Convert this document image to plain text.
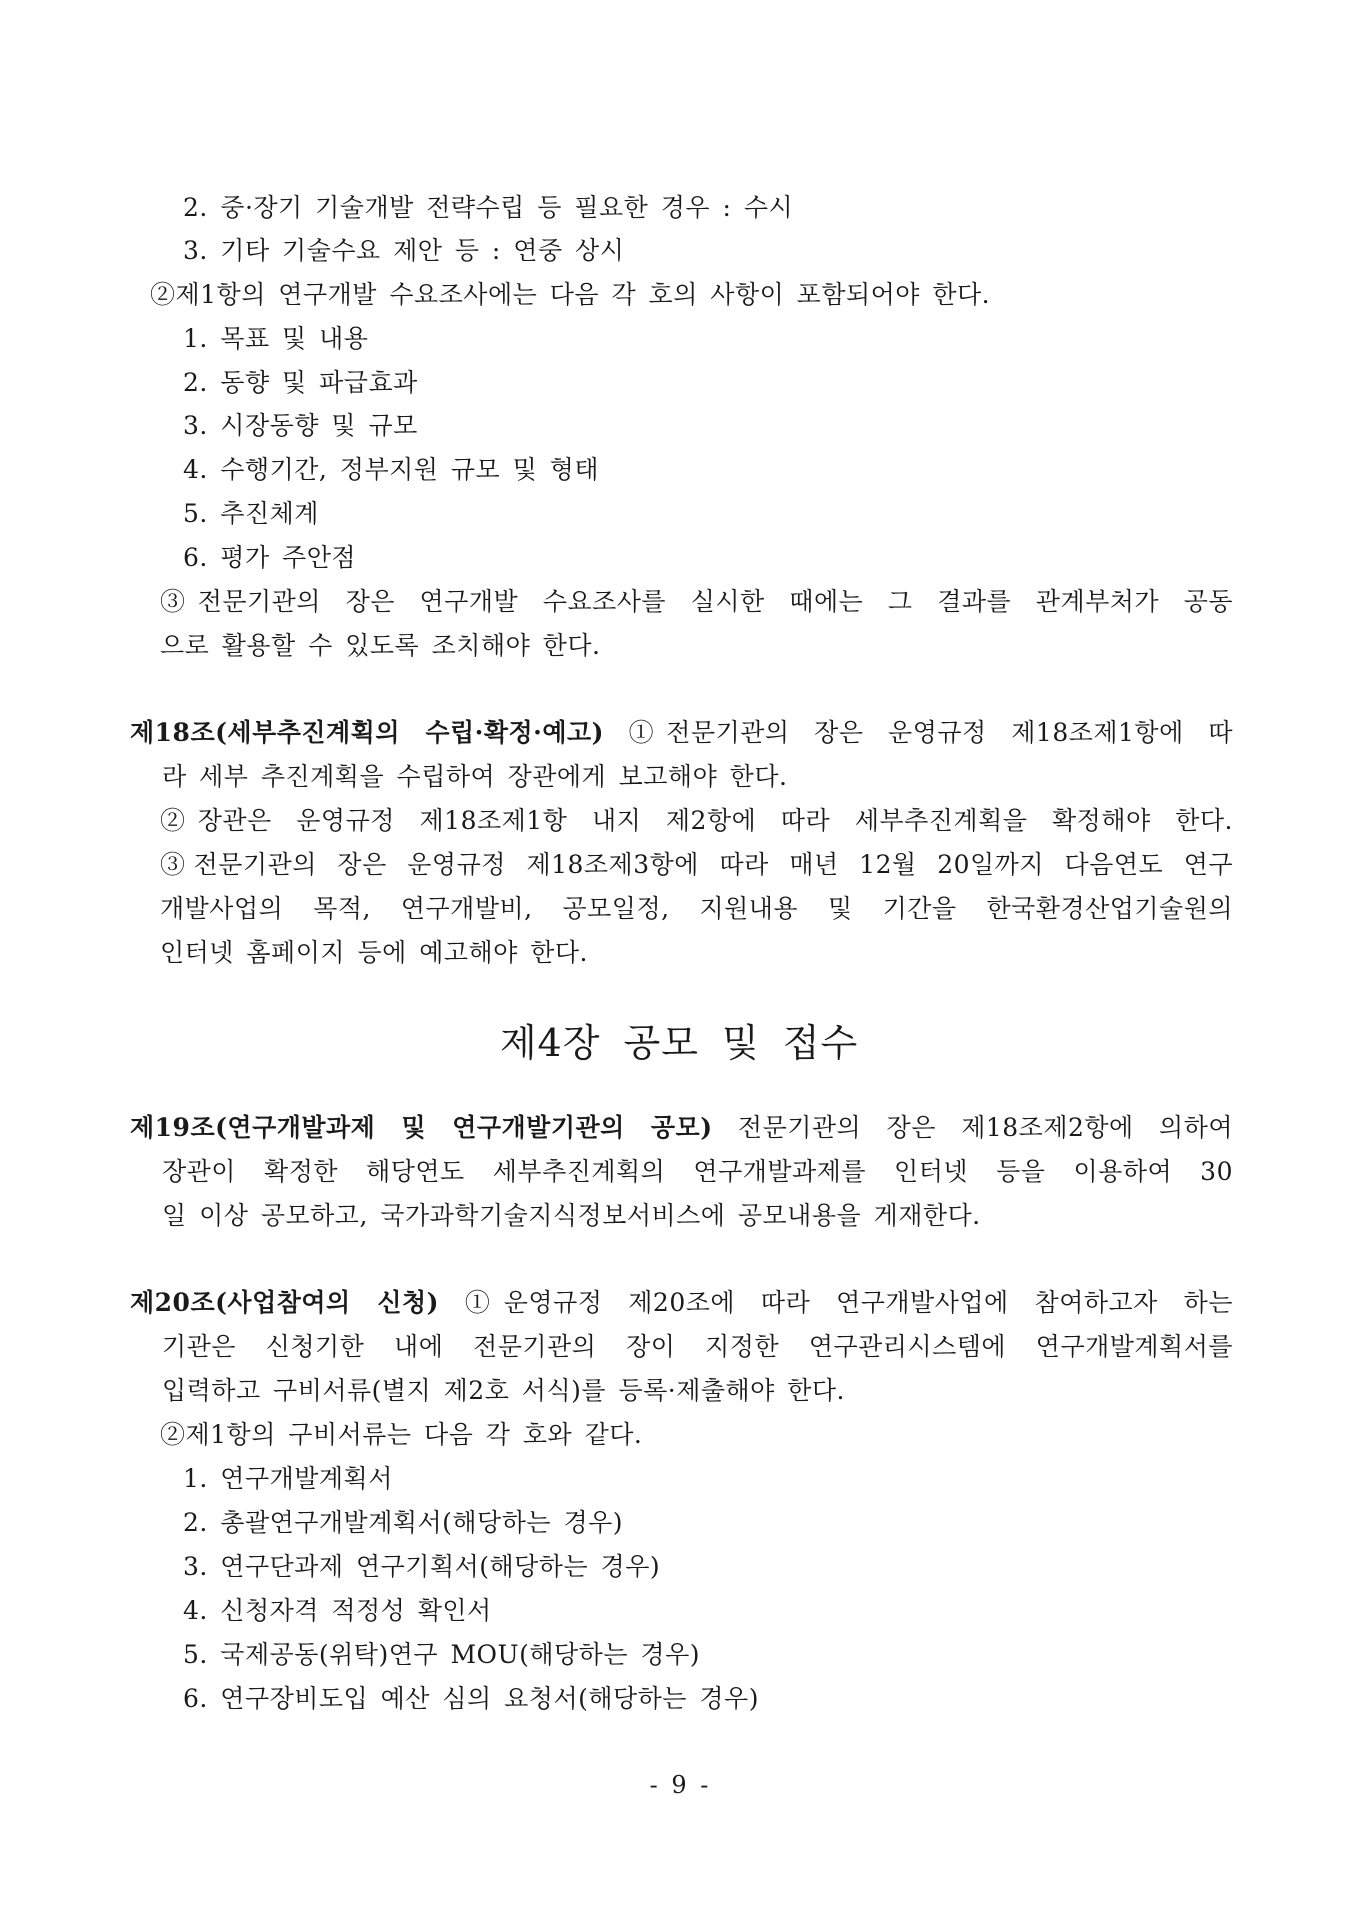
2. 중·장기 기술개발 전략수립 등 필요한 경우 : 수시
3. 기타 기술수요 제안 등 : 연중 상시
②제1항의 연구개발 수요조사에는 다음 각 호의 사항이 포함되어야 한다.
1. 목표 및 내용
2. 동향 및 파급효과
3. 시장동향 및 규모
4. 수행기간, 정부지원 규모 및 형태
5. 추진체계
6. 평가 주안점
③전문기관의 장은 연구개발 수요조사를 실시한 때에는 그 결과를 관계부처가 공동
으로 활용할 수 있도록 조치해야 한다.
제18조(세부추진계획의 수립·확정·예고) ①전문기관의 장은 운영규정 제18조제1항에 따
라 세부 추진계획을 수립하여 장관에게 보고해야 한다.
②장관은 운영규정 제18조제1항 내지 제2항에 따라 세부추진계획을 확정해야 한다.
③전문기관의 장은 운영규정 제18조제3항에 따라 매년 12월 20일까지 다음연도 연구
개발사업의 목적, 연구개발비, 공모일정, 지원내용 및 기간을 한국환경산업기술원의
인터넷 홈페이지 등에 예고해야 한다.
제4장 공모 및 접수
제19조(연구개발과제 및 연구개발기관의 공모) 전문기관의 장은 제18조제2항에 의하여
장관이 확정한 해당연도 세부추진계획의 연구개발과제를 인터넷 등을 이용하여 30
일 이상 공모하고, 국가과학기술지식정보서비스에 공모내용을 게재한다.
제20조(사업참여의 신청) ①운영규정 제20조에 따라 연구개발사업에 참여하고자 하는
기관은 신청기한 내에 전문기관의 장이 지정한 연구관리시스템에 연구개발계획서를
입력하고 구비서류(별지 제2호 서식)를 등록·제출해야 한다.
②제1항의 구비서류는 다음 각 호와 같다.
1. 연구개발계획서
2. 총괄연구개발계획서(해당하는 경우)
3. 연구단과제 연구기획서(해당하는 경우)
4. 신청자격 적정성 확인서
5. 국제공동(위탁)연구 MOU(해당하는 경우)
6. 연구장비도입 예산 심의 요청서(해당하는 경우)
- 9 -
